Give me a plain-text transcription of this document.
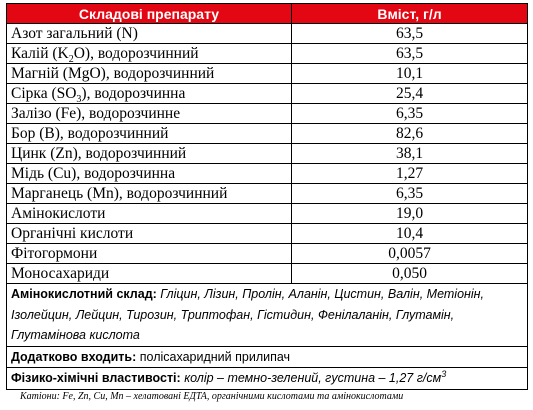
Складові препарату	Вміст, г/л
Азот загальний (N)	63,5
Калій $(K_2O)$, водорозчинний	63,5
Магній (MgO), водорозчинний	10,1
Сірка $(SO_3)$, водорозчинна	25,4
Залізо (Fe), водорозчинне	6,35
Бор (B), водорозчинний	82,6
Цинк (Zn), водорозчинний	38,1
Мідь (Cu), водорозчинна	1,27
Марганець (Mn), водорозчинний	6,35
Амінокислоти	19,0
Органічні кислоти	10,4
Фітогормони	0,0057
Моносахариди	0,050
Амінокислотний склад: Гліцин, Лізин, Пролін, Аланін, Цистин, Валін, Метіонін, Ізолейцин, Лейцин, Тирозин, Триптофан, Гістидин, Фенілаланін, Глутамін, Глутамінова кислота	
Додатково входить: полісахаридний прилипач	
Фізико-хімічні властивості: колір – темно-зелений, густина – 1,27 $г/см^3$
Катіони: Fe, Zn, Cu, Mn – хелатовані ЕДТА, органічними кислотами та амінокислотами
